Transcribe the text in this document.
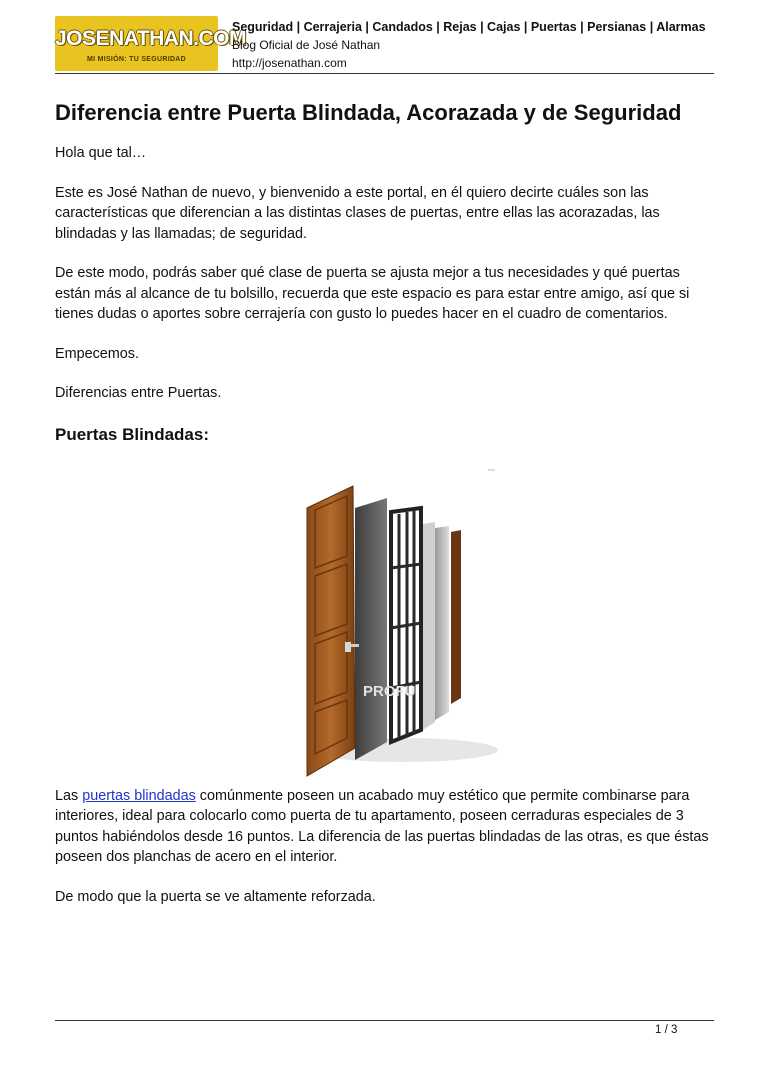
JOSENATHAN.COM
MI MISIÓN: TU SEGURIDAD
Seguridad | Cerrajeria | Candados | Rejas | Cajas | Puertas | Persianas | Alarmas
Blog Oficial de José Nathan
http://josenathan.com
Diferencia entre Puerta Blindada, Acorazada y de Seguridad

Hola que tal…

Este es José Nathan de nuevo, y bienvenido a este portal, en él quiero decirte cuáles son las características que diferencian a las distintas clases de puertas, entre ellas las acorazadas, las blindadas y las llamadas; de seguridad.

De este modo, podrás saber qué clase de puerta se ajusta mejor a tus necesidades y qué puertas están más al alcance de tu bolsillo, recuerda que este espacio es para estar entre amigo, así que si tienes dudas o aportes sobre cerrajería con gusto lo puedes hacer en el cuadro de comentarios.

Empecemos.

Diferencias entre Puertas.

Puertas Blindadas:
PROFU

Las puertas blindadas comúnmente poseen un acabado muy estético que permite combinarse para interiores, ideal para colocarlo como puerta de tu apartamento, poseen cerraduras especiales de 3 puntos habiéndolos desde 16 puntos. La diferencia de las puertas blindadas de las otras, es que éstas poseen dos planchas de acero en el interior.

De modo que la puerta se ve altamente reforzada.

1 / 3
